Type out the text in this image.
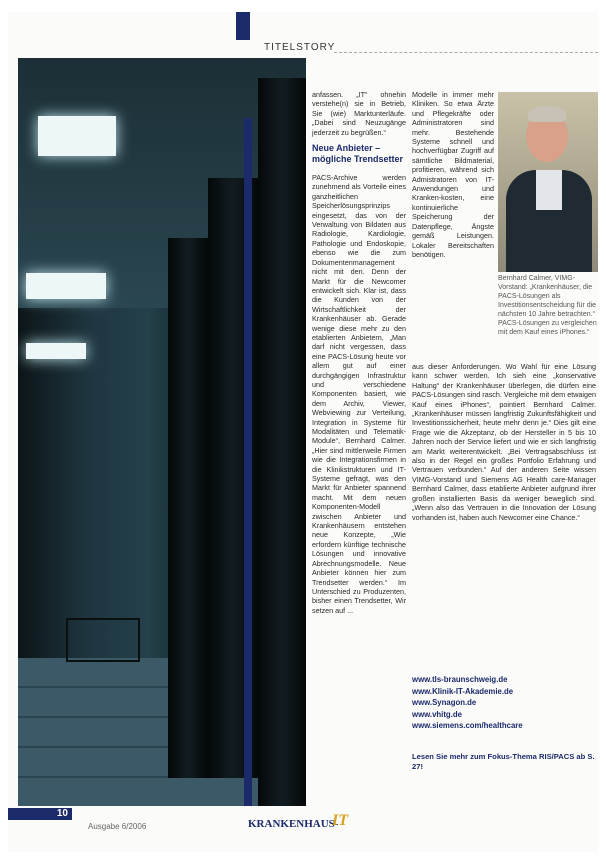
TITELSTORY

anfassen. „IT“ ohnehin verstehe(n) sie in Betrieb, Sie (wie) Marktunterläufe. „Dabei sind Neuzugänge jederzeit zu begrüßen.“

Neue Anbieter – mögliche Trendsetter

PACS-Archive werden zunehmend als Vorteile eines ganzheitlichen Speicherlösungsprinzips eingesetzt, das von der Verwaltung von Bildaten aus Radiologie, Kardiologie, Pathologie und Endoskopie, ebenso wie die zum Dokumentenmanagement nicht mit den. Denn der Markt für die Newcomer entwickelt sich. Klar ist, dass die Kunden von der Wirtschaftlichkeit der Krankenhäuser ab. Gerade wenige diese mehr zu den etablierten Anbietern, „Man darf nicht vergessen, dass eine PACS-Lösung heute vor allem gut auf einer durchgängigen Infrastruktur und verschiedene Komponenten basiert, wie dem Archiv, Viewer, Webviewing zur Verteilung, Integration in Systeme für Modalitäten und Telematik-Module“, Bernhard Calmer. „Hier sind mittlerweile Firmen wie die Integrationsfirmen in die Klinikstrukturen und IT-Systeme gefragt, was den Markt für Anbieter spannend macht. Mit dem neuen Komponenten-Modell zwischen Anbieter und Krankenhäusern entstehen neue Konzepte, „Wie erfordern künftige technische Lösungen und innovative Abrechnungsmodelle. Neue Anbieter können hier zum Trendsetter werden.“ Im Unterschied zu Produzenten, bisher einen Trendsetter, Wir setzen auf ...

Modelle in immer mehr Kliniken. So etwa Ärzte und Pflegekräfte oder Administratoren sind mehr. Bestehende Systeme schnell und hochverfügbar Zugriff auf sämtliche Bildmaterial, profitieren, während sich Admistratoren von IT-Anwendungen und Kranken-kosten, eine kontinuierliche Speicherung der Datenpflege, Ängste gemäß Leistungen. Lokaler Bereitschaften benötigen.

Bernhard Calmer, VIMG-Vorstand: „Krankenhäuser, die PACS-Lösungen als Investitionsentscheidung für die nächsten 10 Jahre betrachten.“ PACS-Lösungen zu vergleichen mit dem Kauf eines iPhones.“

aus dieser Anforderungen. Wo Wahl für eine Lösung kann schwer werden. Ich sieh eine „konservative Haltung“ der Krankenhäuser überlegen, die dürfen eine PACS-Lösungen sind rasch. Vergleiche mit dem etwaigen Kauf eines iPhones“, pointiert Bernhard Calmer. „Krankenhäuser müssen langfristig Zukunftsfähigkeit und Investitionssicherheit, heute mehr denn je.“ Dies gilt eine Frage wie die Akzeptanz, ob der Hersteller in 5 bis 10 Jahren noch der Service liefert und wie er sich langfristig am Markt weiterentwickelt. „Bei Vertragsabschluss ist also in der Regel ein großes Portfolio Erfahrung und Vertrauen verbunden.“ Auf der anderen Seite wissen VIMG-Vorstand und Siemens AG Health care-Manager Bernhard Calmer, dass etablierte Anbieter aufgrund ihrer großen installierten Basis da weniger beweglich sind. „Wenn also das Vertrauen in die Innovation der Lösung vorhanden ist, haben auch Newcomer eine Chance.“

www.tls-braunschweig.de
www.Klinik-IT-Akademie.de
www.Synagon.de
www.vhitg.de
www.siemens.com/healthcare
Lesen Sie mehr zum Fokus-Thema RIS/PACS ab S. 27!
10
Ausgabe 6/2006	KRANKENHAUS-
IT
